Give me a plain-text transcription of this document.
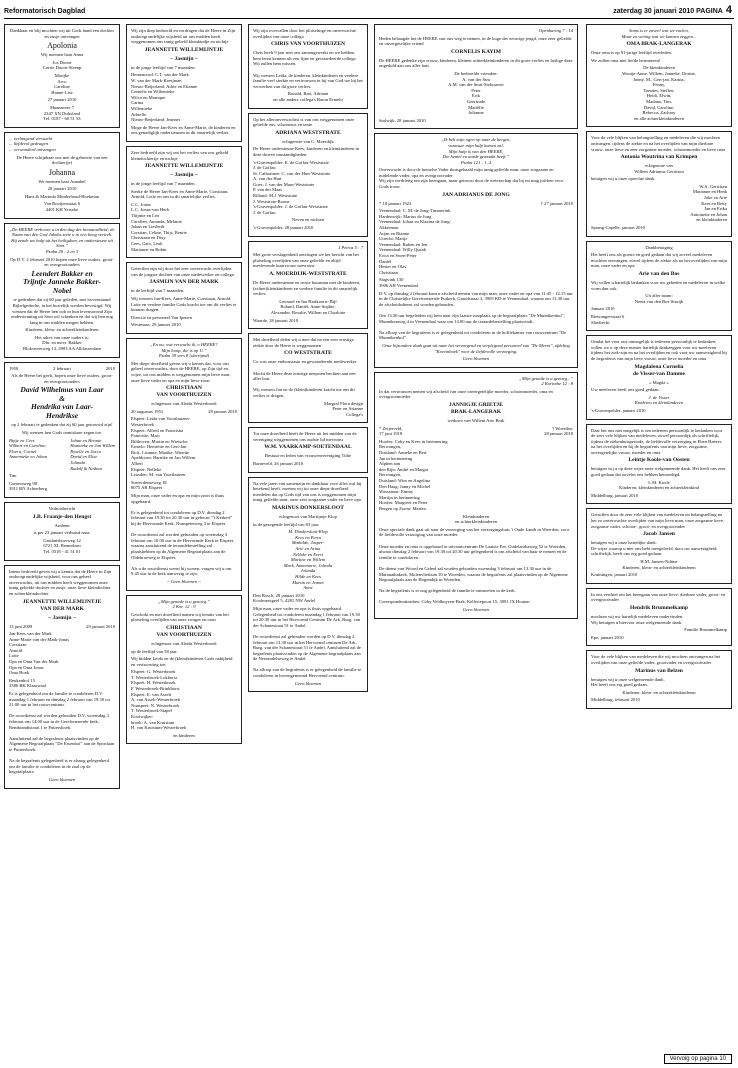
Reformatorisch Dagblad	zaterdag 30 januari 2010 PAGINA 4

Dankbaar en blij mochten wij uit Gods hand een dochter en zusje ontvangen

Apolonia

Wij noemen haar Anna

Jos Doorn
Corrie Doorn-Steenp

Marijke
Arco
Caroline
Hanne-Lise

27 januari 2010

Maanzeeze 7
2347 XN Dirksland
Tel. 0187 - 60 51 53

... verlangend verwacht
... liefdevol gedragen
... verwonderd ontvangen

De Heere schijnbaar ons met de geboorte van een dochter(je)

Johanna

We noemen haar Annabel

28 januari 2010

Hans & Marinda Minderhoud-Hoekman

Van Rooijenstraat 6
4401 KH Yerseke

„De HEERE verhoore u in den dag der benauwdheid; de Naam van den God Jakobs zette u in een hoog vertrek. Hij zende uw hulp uit het heiligdom, en ondersteune uit Sion.”
Psalm 20 : 2 en 3

Op D.V. 2 februari 2010 hopen onze lieve ouders, groot- en overgrootouders

Leendert Bakker en
Trijntje Janneke Bakker-
Nobel

te gedenken dat zij 60 jaar geleden, met bovenstaand Bijbelgedeelte, in het huwelijk werden bevestigd. Wij wensen dat de Heere hen ook in hun levensavond Zijn ondersteuning uit Sion wil schenken en dat wij hen nog lang in ons midden mogen hebben.

Kinderen, klein- en achterkleinkinderen

Het adres van onze ouders is:
Dhr. en mevr. Bakker
Bloksweerweg 13, 2983 AA Alblasserdam

1950	2 februari	2010

Als de Heere het geeft, hopen onze lieve ouders, groot- en overgrootouders

David Wilhelmus van Laar
&
Hendrika van Laar-
Hendrikse

op 2 februari te gedenken dat zij 60 jaar getrouwd zijn!

Wij wensen hen Gods onmisbare zegen toe.

Bijtje en Cees
Wilbert en Caroline;
Elvera, Cornel
Annemieke en Johan

Johan en Hennie
Hannieke en Jan Willem
Roselie en Jacco
David en Elise
Jolanda
Rudolf & Nathan

Tim

Cumeraweg 98
3911 RN Achterberg

Verhuisbericht

J.B. Fraanje-den Hengst

Arnhem

is per 23 januari verhuisd naar:

Gasthuisboerweg 12
6721 XL Bennekom
Tel. 0318 - 41 51 01

Intens bedroefd geven wij u kennis dat de Heere in Zijn ondoorgrondelijke wijsheid, voor ons geheel onverwachts, uit ons midden heeft weggenomen onze innig geliefde dochter en zusje, onze lieve kleindochter en achterkleindochter

JEANNETTE WILLEMIJNTJE
VAN DER MARK

~ Jasmijn ~

13 juni 2009	29 januari 2010

Jan-Kees van der Mark
Anne-Marie van der Mark-Jonas
Corstiaan
Arnold
Lotte
Opa en Oma Van der Mark
Opa en Oma Jonas
Oma Hoek

Beukenhof 15
3386 BK Klaaswaal

Er is gelegenheid om de familie te condoleren D.V. maandag 1 februari en dinsdag 2 februari van 19.30 tot 21.00 uur in het rouwcentrum.

De rouwdienst zal worden gehouden D.V. woensdag 3 februari om 14.00 uur in de Gereformeerde kerk, Rembrandtstraat 1 te Puttershoek.

Aansluitend zal de begrafenis plaatsvinden op de Algemene Begraafplaats "De Essenhof" aan de Sportlaan te Puttershoek.

Na de begrafenis gelegenheid is er alsnog gelegenheid om de familie te condoleren in de zaal op de begraafplaats.

Geen bloemen

Wij zijn diep bedroefd en verdragen dat de Heere in Zijn ondoorgrondelijke wijsheid uit ons midden heeft weggenomen ons innig geliefd kleinkindje en nichtje

JEANNETTE WILLEMIJNTJE

~ Jasmijn ~

in de jonge leeftijd van 7 maanden.

Heinenoord: C.T. van der Mark
W. van der Mark-Koeijman
Nieuw-Beijerland: Adrie en Elianne
Cornelis en Willemieke
Wilco en Monique
Carina
Willemieke
Adrielle
Nieuw-Beijerland: Jeannet

Moge de Heere Jan-Kees en Anne-Marie, de kinderen en ons genadiglijk ondersteunen in dit smartelijk verlies.

Zeer bedroefd zijn wij om het verlies van ons geliefd kleindochtertje en nichtje

JEANNETTE WILLEMIJNTJE

~ Jasmijn ~

in de jonge leeftijd van 7 maanden.

Sterke de Heere Jan-Kees en Anne-Marie, Corstiaan, Arnold, Lotte en ons in dit smartelijke verlies.

C.C. Jonas
L.C. Jonas-van Herk
Thijmie en Leo
Carolien, Amanda, Melanie
Johan en Liesbeth
Corstian, Celine, Thijs, Bentie
Christiaan en Dixy
Cees, Cato, Leah
Marianne en Robin

Getroffen zijn wij door het zeer onverwacht overlijden van de jongste dochter van onze medewerker en collega

JASMIJN VAN DER MARK

in de leeftijd van 7 maanden.

Wij wensen Jan-Kees, Anne-Marie, Corstiaan, Arnold, Lotte en verdere familie Gods kracht toe om dit verlies te kunnen dragen.

Directie en personeel Van Ipenen

Westmaas, 29 januari 2010

„En nu, wat verwacht ik, o HEERE?
Mijn hoop, die is op U.”
Psalm 39 vers 8 (oberijmd)

Met diepe droefheid geven wij u kennis dat, voor ons geheel onverwachts, door de HEERE, op Zijn tijd en wijze, uit ons midden is weggenomen mijn lieve man, onze lieve vader en opa en mijn lieve zoon

CHRISTIAAN
VAN VOORTHUIZEN

echtgenoot van Aleida Westerbroek

20 augustus 1951	28 januari 2010

Elspeet: Leida van Voorthuizen-
Westerbroek
Elspeet: Alfred en Franciska
Francette, Marc
Bilthoven: Martin en Wietsche
Ermelo: Henriëtte en Gert-Jan
Rick, Lisanne, Maaike, Winette
Apeldoorn: Harmke en Jan Willem
Albert
Elspeet: Nelleke
Leusden: M. van Voorthuizen

Staverdenseweg 18
8075 AR Elspeet

Mijn man, onze vader en opa en mijn zoon is thuis opgebaard.

Er is gelegenheid tot condoleren op D.V. dinsdag 2 februari van 19.30 tot 20.30 uur in gebouw "'t Kerkerf" bij de Hervormde Kerk, Nunspeterweg 3 te Elspeet.

De rouwdienst zal worden gehouden op woensdag 3 februari om 10.00 uur in de Hervormde Kerk te Elspeet, waarna aansluitend de teraardebestelling zal plaatshebben op de Algemene Begraafplaats aan de Oldebroeweg te Elspeet.

Als u de rouwdienst wenst bij wonen, vragen wij u om 9.45 uur in de kerk aanwezig te zijn.

~ Geen bloemen ~

„Mijn genade is u genoeg.”
2 Kor. 12 : 9

Geschokt en met droefheid namen wij kennis van het plotseling overlijden van onze zwager en oom

CHRISTIAAN
VAN VOORTHUIZEN

echtgenoot van Aleida Westerbroek

op de leeftijd van 58 jaar.

Wij bidden Leida en de (klein)kinderen Gods nabijheid en vertroosting toe.

Elspeet: G. Westerbroek
T. Westerbroek-Lokhorst
Elspeet: H. Westerbroek
F. Westerbroek-Brinkhorst
Elspeet: E. van Asselt
A. van Asselt-Westerbroek
Nunspeet: N. Westerbroek
T. Westerbroek-Stapel
Kootwijker-
broek: A. van Kruistum
H. van Kruistum-Westerbroek

en kinderen

Wij zijn overvallen door het plotselinge en onverwachte overlijden van onze collega

CHRIS VAN VOORTHUIZEN

Chris heeft 9 jaar met ons samengewerkt en we hebben hem leren kennen als een fijne en gewaardeerde collega. Wij zullen hem missen.

Wij wensen Leida, de kinderen, kleinkinderen en verdere familie veel sterkte en vertrouwen in hij van God toe bij het verwerken van dit grote verlies.

Ronald, Bart, Adriaan
en alle andere collega's Baron Ermelo

Op het alleronverwachtst is van ons weggenomen onze geliefde zus, schoonzus en tante

ADRIANA WESTSTRATE

echtgenote van C. Moerdijk

De Heere ondersteune Kees, kinderen en kleinkinderen in deze droeve omstandigheden.

's-Gravenpolder: E. de Goffau-Weststrate
J. de Goffau
St. Catharinee: C. van der Hart-Weststrate
A. van der Hart
Goes: J. van der Maas-Weststrate
P. van der Maas
Rilland: M.J. Weststrate
J. Weststrate-Boone
's-Gravenpolder: J. de Goffau-Weststrate
J. de Goffau

Neven en nichten

's-Gravenpolder, 28 januari 2010

1 Petrus 5 : 7

Met grote verslagenheid ontvingen we het bericht van het plotseling overlijden van onze geliefde en altijd meelevende buurvrouw mevrouw

A. MOERDIJK-WESTSTRATE

De Heere ondersteune en troste buurman met de kinderen, (achter)kleinkinderen en verdere familie in dit smartelijk verlies.

Leonard en Ina Hartkoorn- Bijl
Roland, Daniël, Anne-Sophie,
Alexander, Rosalie, Willem en Charlotte

Waarde, 28 januari 2010

Met droefheid delen wij u mee dat na een zeer ernstige ziekte door de Heere is weggenomen

CO WESTSTRATE

Co was onze enthousiaste en gewaardeerde medewerker.

Mocht de Heere deze ernstige neepsten hechten aan een aller hart.

Wij wensen Jan en de (klein)kinderen kracht toe om dit verlies te dragen.

Margraf Flora design
Peter en Arianne
Collega's

Tot onze droefheid heeft de Heere uit het midden van de vereniging weggenomen ons oudste lid mevrouw

W.M. VAARKAMP-SOETENDAAL

Bestuur en leden van vrouwenvereniging Tithe

Barneveld, 26 januari 2010

Na vele jaren van samenzijn en dankbaar voor alles wat hij betekend heeft, moeten wij tot onze diepe droefheid meedelen dat op Gods tijd van ons is weggenomen mijn innig geliefde man, onze zeer zorgzame vader en lieve opa

MARINUS DONKERSLOOT

echtgenoot van Martijntje Klop

in de gezegende leeftijd van 83 jaar.

M. Donkersloot-Klop
Kees en Petra
Mathilde, Jasper-
Arie en Arina
Nelleke en Evert
Martine en Willem
Mark, Annemarie, Jolinda
Jolanda
Hilde en Kees
Martin en Jeanet
Anne

Den Bosch, 28 januari 2010
Koolmeesgeel 5, 4281 NW Andel

Mijn man, onze vader en opa is thuis opgebaard.
Gelegenheid tot condoleren maandag 1 februari van 19.30 tot 20.30 uur in het Hervormd Centrum De Ark, Burg. van der Schanestraat 51 te Andel.

De rouwdienst zal gehouden worden op D.V. dinsdag 2 februari om 13.30 uur in het Hervormd centrum De Ark, Burg. van der Schanestraat 51 te Andel. Aansluitend zal de begrafenis plaatsvinden op de Algemene begraafplaats aan de Neerandelseweg te Andel.

Na afloop van de begrafenis is er gelegenheid de familie te condoleren in bovengenoemd Hervormd centrum.

Geen bloemen

Openbaring 7 : 14

Heden behaagde het de HEERE van ons weg te nemen, in de hoge der eeuwige jeugd, onze zeer geliefde en onvergetelijke vriend

CORNELIS KAYIM

De HEERE gedenke zijn vrouw, kinderen, kleinen achterkleinkinderen in dit grote verlies en heilige deze ongeduld aan ons aller hart.

De bedroefde vrienden:
A. van der Sint
A.M. van der Smit-Stobouwer
Peter
Erik
Geertrude
Mariëlle
Julianne

Stolwijk, 28 januari 2010

„Ik heb mijn ogen op naar de bergen,
vanwaar mijn hulp komen zal.
Mijn hulp is van den HEERE,
Die hemel en aarde gemaakt heeft.”
Psalm 121 : 1, 2

Onverwacht is door de hemelse Vader thuisgehaald mijn innig geliefde man, onze zorgzame en midelende vader, opa en overgrootvader
Wij zijn verdrietig om zijn heengaan, maar getroost door de wetenschap dat hij nu mag juichen voor Gods troon.

JAN ADRIANUS DE JONG

* 18 januari 1923	† 27 januari 2010

Veenendaal: C. M. de Jong-Timmerink
Hardenwijk: Marius de Jong
Veenendaal: Johan en Klazina de Jong-
Akkerman
Arjan en Rianne
Utrecht: Marije
Veenendaal: Ruben en Jen
Veenendaal: Willy Quaak
Erica en Swen-Peter
Daniël
Hester en Olav
Christiaan

Slagvink 130
3906 AH Veenendaal

D.V. op dinsdag 2 februari kunt u afscheid nemen van mijn man, onze vader en opa van 11.45 - 12.15 uur in de Christelijke Gereformeerde Putkerk, Grandstraat 3, 3905 KD te Veenendaal, waarna om 13.30 uur de afscheidsdienst zal worden gehouden.

Om 13.30 uur begeleiden wij hem naar zijn laatste rustplaats op de begraafplaats "De Munnikenhof", Munnikenweg 4 in Veenendaal waar om 14.00 uur de teraardebestelling plaatsvindt.

Na afloop van de begrafenis is er gelegenheid tot condoleren in de koffiekamer van rouwcentrum "De Munnikenhof".

Onze bijzondere dank gaat uit naar het verzorgend en verplegend personeel van "De Meent", afdeling "Koreinhoek" voor de liefdevolle verzorging.

Geen bloemen

„Mijn genade is u genoeg...”
2 Korinthe 12 : 8

In dat vertrouwen nemen wij afscheid van onze onvergetelijke moeder, schoonmoeder, oma en overgrootmoeder

JANNIGJE GRIETJE
BRAK-LANGERAK

weduwe van Willem Arie Brak

* Zeijerveld,
17 juni 1918
† Woerden,
28 januari 2010

Hoofes: Coby en Kees in herinnering
Berwangen,
Duisland: Anneke en Bert
Jan in herinnering
Alphen aan
den Rijn: André en Margot
Berwangen,
Duisland: Wim en Angelina
Den Haag: Janny en Michel
Wassenaar: Emmy
Martijn in herinnering
Hoofes: Margreet en Peter
Bergen op Zoom: Marien

Kleinkinderen
en achterkleinkinderen

Onze speciale dank gaat uit naar de verzorging van het verzorgingshuis 't Oude Landt in Woerden, voor de liefdevolle verzorging van onze moeder.

Onze moeder en oma is opgebaard in uitvaartcentrum De Laatste Eer, Oudelandseweg 52 te Woerden, alwaar dinsdag 2 februari van 19.30 tot 20.30 uur gelegenheid is om afscheid van haar te nemen en de familie te condoleren.

De dienst van Woord en Gebed zal worden gehouden woensdag 3 februari om 13.30 uur in de Maranathakerk, Molenvlietlaan 10 te Woerden, waarna de begrafenis zal plaatsvinden op de Algemene Begraafplaats aan de Hogendijk in Woerden.

Na de begrafenis is er nog gelegenheid de familie te ontmoeten in de kerk.

Correspondentieadres: Coby Veldhuyzen-Brak, Kelleriepoort 15, 3991 JX Houten

Geen bloemen

Soms is er zoveel wat we voelen,
Maar zo weinig wat we kunnen zeggen...

OMA BRAK-LANGERAK

Onze oma is op 91-jarige leeftijd overleden.

We zullen oma met liefde herinneren!

De kleinkinderen
Woutje-Anne, Willem, Janneke, Dorine,
Janny, M., Gert-jan, Karina,
Fenny,
Tonnies, Steffen,
Heidi, Elwin,
Madana, Tim,
David, Caroline,
Rebecca, Zachary
en alle achterkleinkinderen

Voor de vele blijken van belangstelling en medeleven die wij mochten ontvangen, tijdens de ziekte en na het overlijden van mijn dierbare vrouw, onze lieve en zeer zorgzame moeder, schoonmoeder en lieve oma

Antonia Woutrina van Krimpen

echtgenote van
Willem Adrianus Gerritsen

betuigen wij u onze oprechte dank.

W.A. Gerritsen
Marianne en Henk
Joke en Arie
Kees en Betty
Jan en Erika
Antoinette en Johan
en kleinkinderen

Sprang-Capelle, januari 2010

Dankbetuiging

Het heeft ons als goeste en goed gedaan dat wij zoveel medeleven mochten ontvangen, zowel tijdens de ziekte als na het overlijden van mijn man, onze vader en opa

Arie van den Bos

Wij willen u hartelijk bedanken voor uw gebeden en medeleven in welke vorm dan ook.

Uit aller naam:
Neeia van den Bos-Struijk

Januari 2010

Rietzangerstraat 6
Sliedrecht

Omdat het voor ons onmogelijk is iedereen persoonlijk te bedanken, willen we u op deze manier hartelijk dankzeggen voor uw meeleven tijdens het ziek-zijn en na het overlijden en ook voor uw aanwezigheid bij de begrafenis van mijn lieve vrouw, onze lieve moeder en oma

Magdalena Cornelia
de Visser-van Damme

« Magda »

Uw meeleven heeft ons goed gedaan.

J. de Visser
Kinderen en kleinkinderen

's-Gravenpolder, januari 2010

Daar het ons niet mogelijk is om iedereen persoonlijk te bedanken voor de zeer vele blijken van medeleven, zowel persoonlijk als schriftelijk, tijdens de ziekenhuisperiode, de liefdevolle verzorging in Eben Haëzer, na het overlijden en bij de begrafenis van mijn lieve, zorgzame, onvergetelijke vrouw, moeder en oma

Leintje Koole-van Oosten

betuigen wij u op deze wijze onze welgemeende dank. Het heeft ons zeer goed gedaan dat zoveles ons hebben bemoedigd.

L.M. Koole
Kinderen, kleinkinderen en achterkleinkind

Middelburg, januari 2010

Getroffen door de zeer vele blijken van medeleven en belangstelling na het zo onverwachte overlijden van mijn lieve man, onze zorgzame lieve, zorgzame vader, schoon-, groot- en overgrootvader

Jacob Jansen

betuigen wij u onze hartelijke dank.
De wijze waarop u met ons hebt meegeleefd, door uw aanwezigheid, schriftelijk, heeft ons erg goed gedaan.

H.M. Jansen-Ndiine
Kinderen, klein- en achterkleinkinderen

Kruiningen, januari 2010

In ons verdriet om het heengaan van onze lieve, dierbare vader, groot- en overgrootvader

Hendrik Brummelkamp

mochten wij uw hartelijk medeleven ondervinden.
Wij betuigen u hiervoor onze welgemeende dank.

Familie Brummelkamp

Epe, januari 2010

Voor de vele blijken van medeleven die wij mochten ontvangen na het overlijden van onze geliefde vader, grootvader en overgrootvader

Marinus van Belzen

betuigen wij u onze welgemeende dank.
Het heeft ons erg goed gedaan.

Kinderen, klein- en achterkleinkinderen

Middelburg, februari 2010

Vervolg op pagina 10
